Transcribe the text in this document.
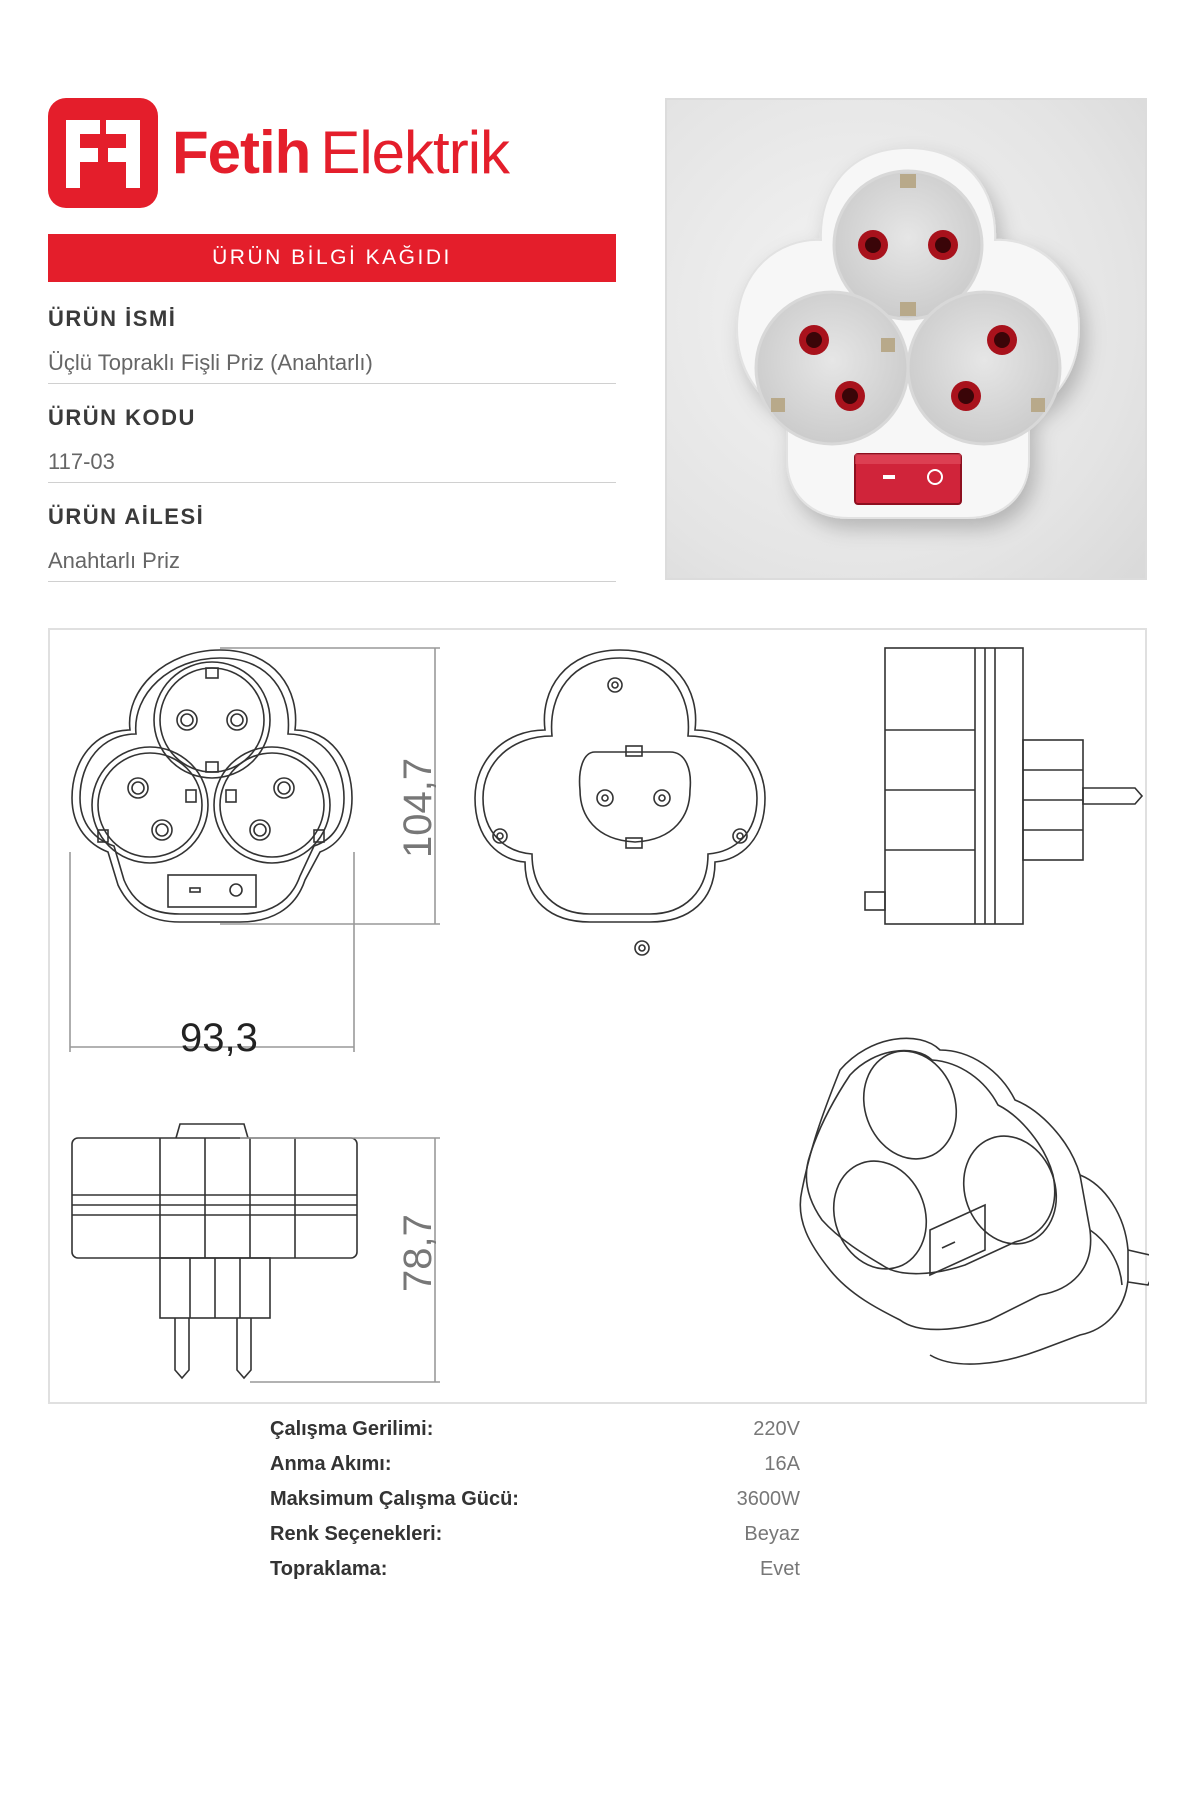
Fetih Elektrik
ÜRÜN BİLGİ KAĞIDI
ÜRÜN İSMİ
Üçlü Topraklı Fişli Priz (Anahtarlı)
ÜRÜN KODU
117-03
ÜRÜN AİLESİ
Anahtarlı Priz
93,3
104,7
78,7
Çalışma Gerilimi:	220V
Anma Akımı:	16A
Maksimum Çalışma Gücü:	3600W
Renk Seçenekleri:	Beyaz
Topraklama:	Evet
